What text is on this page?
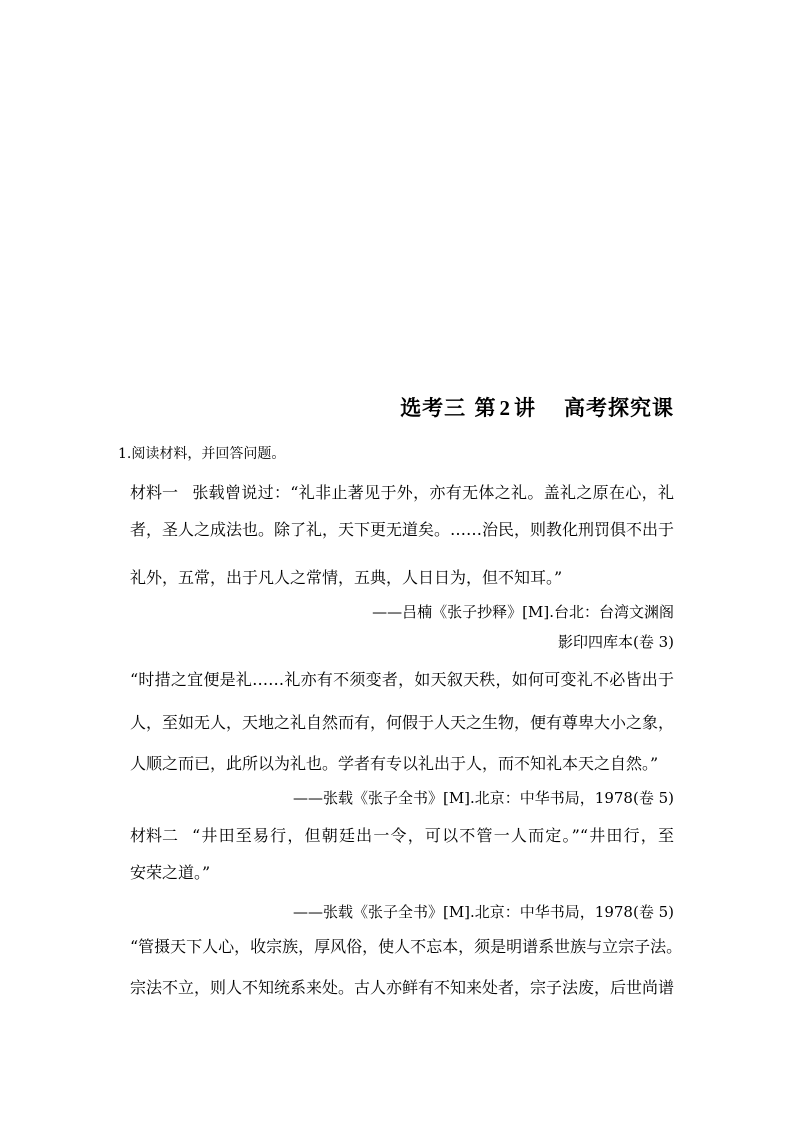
选考三 第 2 讲 高考探究课
1.阅读材料，并回答问题。
材料一 张载曾说过：“礼非止著见于外，亦有无体之礼。盖礼之原在心，礼
者，圣人之成法也。除了礼，天下更无道矣。……治民，则教化刑罚俱不出于
礼外，五常，出于凡人之常情，五典，人日日为，但不知耳。”
——吕楠《张子抄释》[M].台北：台湾文渊阁
影印四库本(卷 3)
“时措之宜便是礼……礼亦有不须变者，如天叙天秩，如何可变礼不必皆出于
人，至如无人，天地之礼自然而有，何假于人天之生物，便有尊卑大小之象，
人顺之而已，此所以为礼也。学者有专以礼出于人，而不知礼本天之自然。”
——张载《张子全书》[M].北京：中华书局，1978(卷 5)
材料二 “井田至易行，但朝廷出一令，可以不管一人而定。”“井田行，至
安荣之道。”
——张载《张子全书》[M].北京：中华书局，1978(卷 5)
“管摄天下人心，收宗族，厚风俗，使人不忘本，须是明谱系世族与立宗子法。
宗法不立，则人不知统系来处。古人亦鲜有不知来处者，宗子法废，后世尚谱
